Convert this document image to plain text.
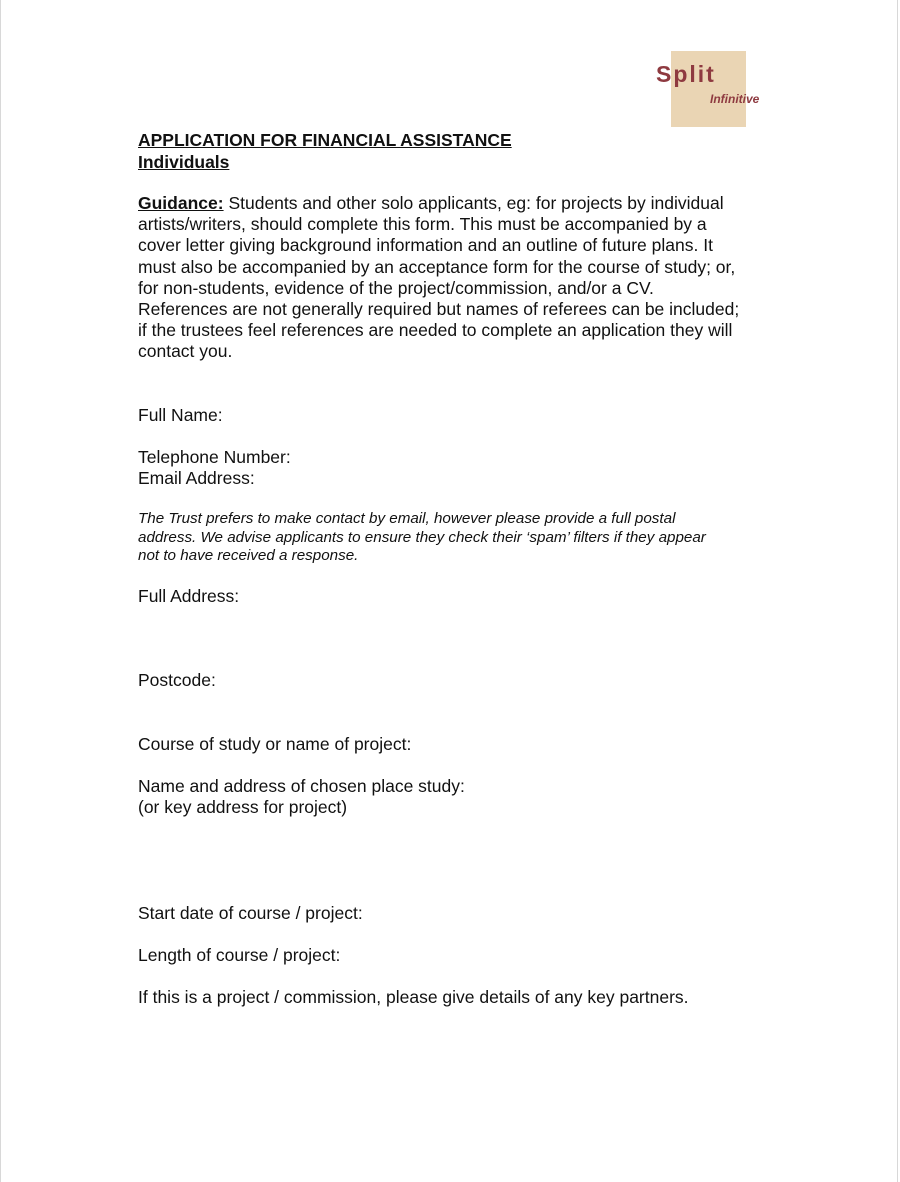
Split
Infinitive
APPLICATION FOR FINANCIAL ASSISTANCE
Individuals
Guidance: Students and other solo applicants, eg: for projects by individual
artists/writers, should complete this form. This must be accompanied by a
cover letter giving background information and an outline of future plans. It
must also be accompanied by an acceptance form for the course of study; or,
for non-students, evidence of the project/commission, and/or a CV.
References are not generally required but names of referees can be included;
if the trustees feel references are needed to complete an application they will
contact you.
Full Name:
Telephone Number:
Email Address:
The Trust prefers to make contact by email, however please provide a full postal
address. We advise applicants to ensure they check their ‘spam’ filters if they appear
not to have received a response.
Full Address:
Postcode:
Course of study or name of project:
Name and address of chosen place study:
(or key address for project)
Start date of course / project:
Length of course / project:
If this is a project / commission, please give details of any key partners.
